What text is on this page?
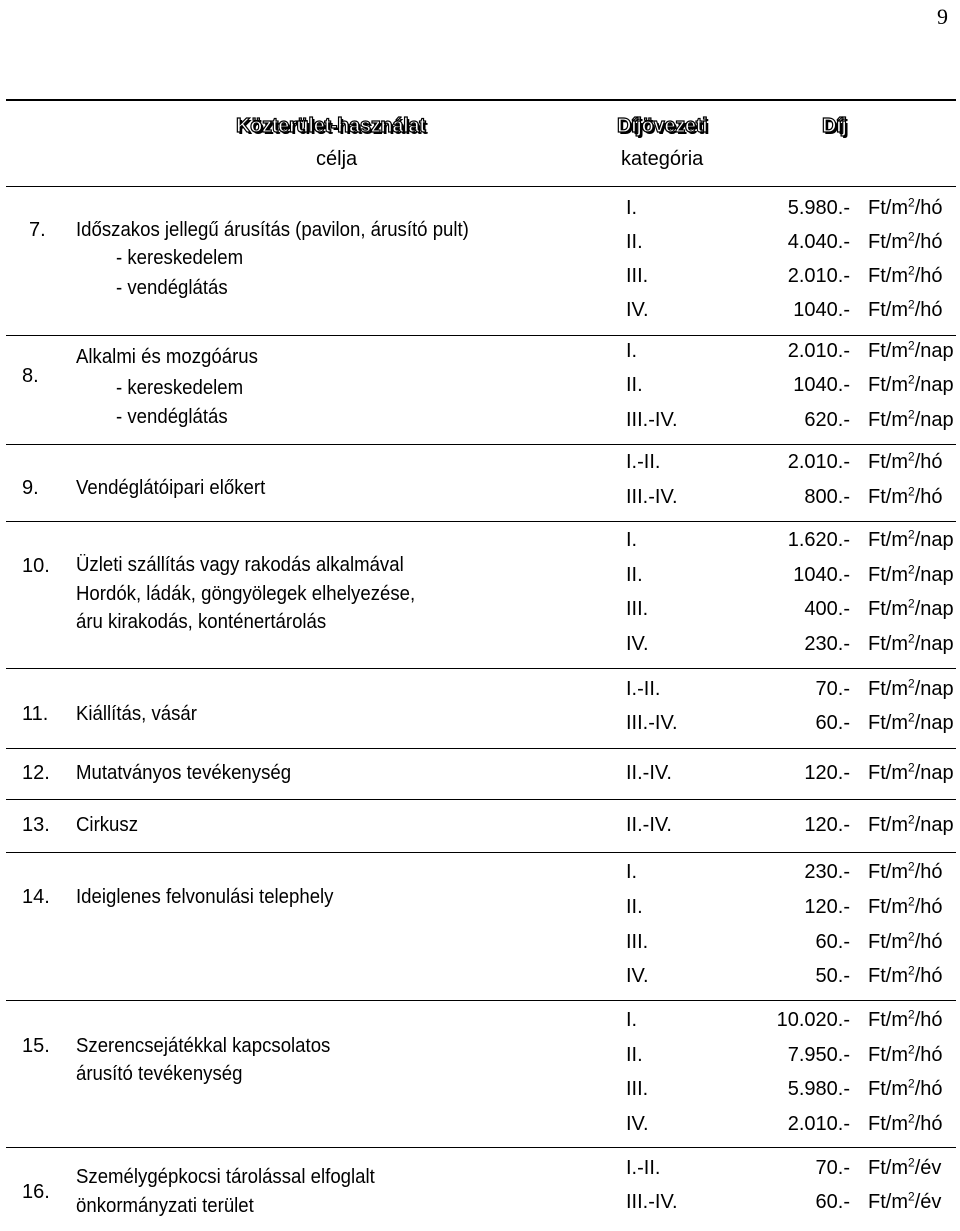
9
Közterület-használat
célja
Díjövezeti
kategória
Díj
7. Időszakos jellegű árusítás (pavilon, árusító pult)
- kereskedelem
- vendéglátás
I.	5.980.- $Ft/m^2/hó$
II.	4.040.- $Ft/m^2/hó$
III.	2.010.- $Ft/m^2/hó$
IV.	1040.- $Ft/m^2/hó$
8.
Alkalmi és mozgóárus
- kereskedelem
- vendéglátás
I.	2.010.- $Ft/m^2$/nap
II.	1040.- $Ft/m^2$/nap
III.-IV.	620.- $Ft/m^2$/nap
9. Vendéglátóipari előkert
I.-II.	2.010.- $Ft/m^2/hó$
III.-IV.	800.- $Ft/m^2/hó$
10. Üzleti szállítás vagy rakodás alkalmával
Hordók, ládák, göngyölegek elhelyezése,
áru kirakodás, konténertárolás
I.	1.620.- $Ft/m^2$/nap
II.	1040.- $Ft/m^2$/nap
III.	400.- $Ft/m^2$/nap
IV.	230.- $Ft/m^2$/nap
11. Kiállítás, vásár
I.-II.	70.- $Ft/m^2$/nap
III.-IV.	60.- $Ft/m^2$/nap
12. Mutatványos tevékenység	II.-IV.	120.- $Ft/m^2$/nap
13. Cirkusz	II.-IV.	120.- $Ft/m^2$/nap
14. Ideiglenes felvonulási telephely
I.	230.- $Ft/m^2/hó$
II.	120.- $Ft/m^2/hó$
III.	60.- $Ft/m^2/hó$
IV.	50.- $Ft/m^2/hó$
15. Szerencsejátékkal kapcsolatos
árusító tevékenység
I.	10.020.- $Ft/m^2/hó$
II.	7.950.- $Ft/m^2/hó$
III.	5.980.- $Ft/m^2/hó$
IV.	2.010.- $Ft/m^2/hó$
16.
Személygépkocsi tárolással elfoglalt
önkormányzati terület
I.-II.	70.- $Ft/m^2/év$
III.-IV.	60.- $Ft/m^2/év$
